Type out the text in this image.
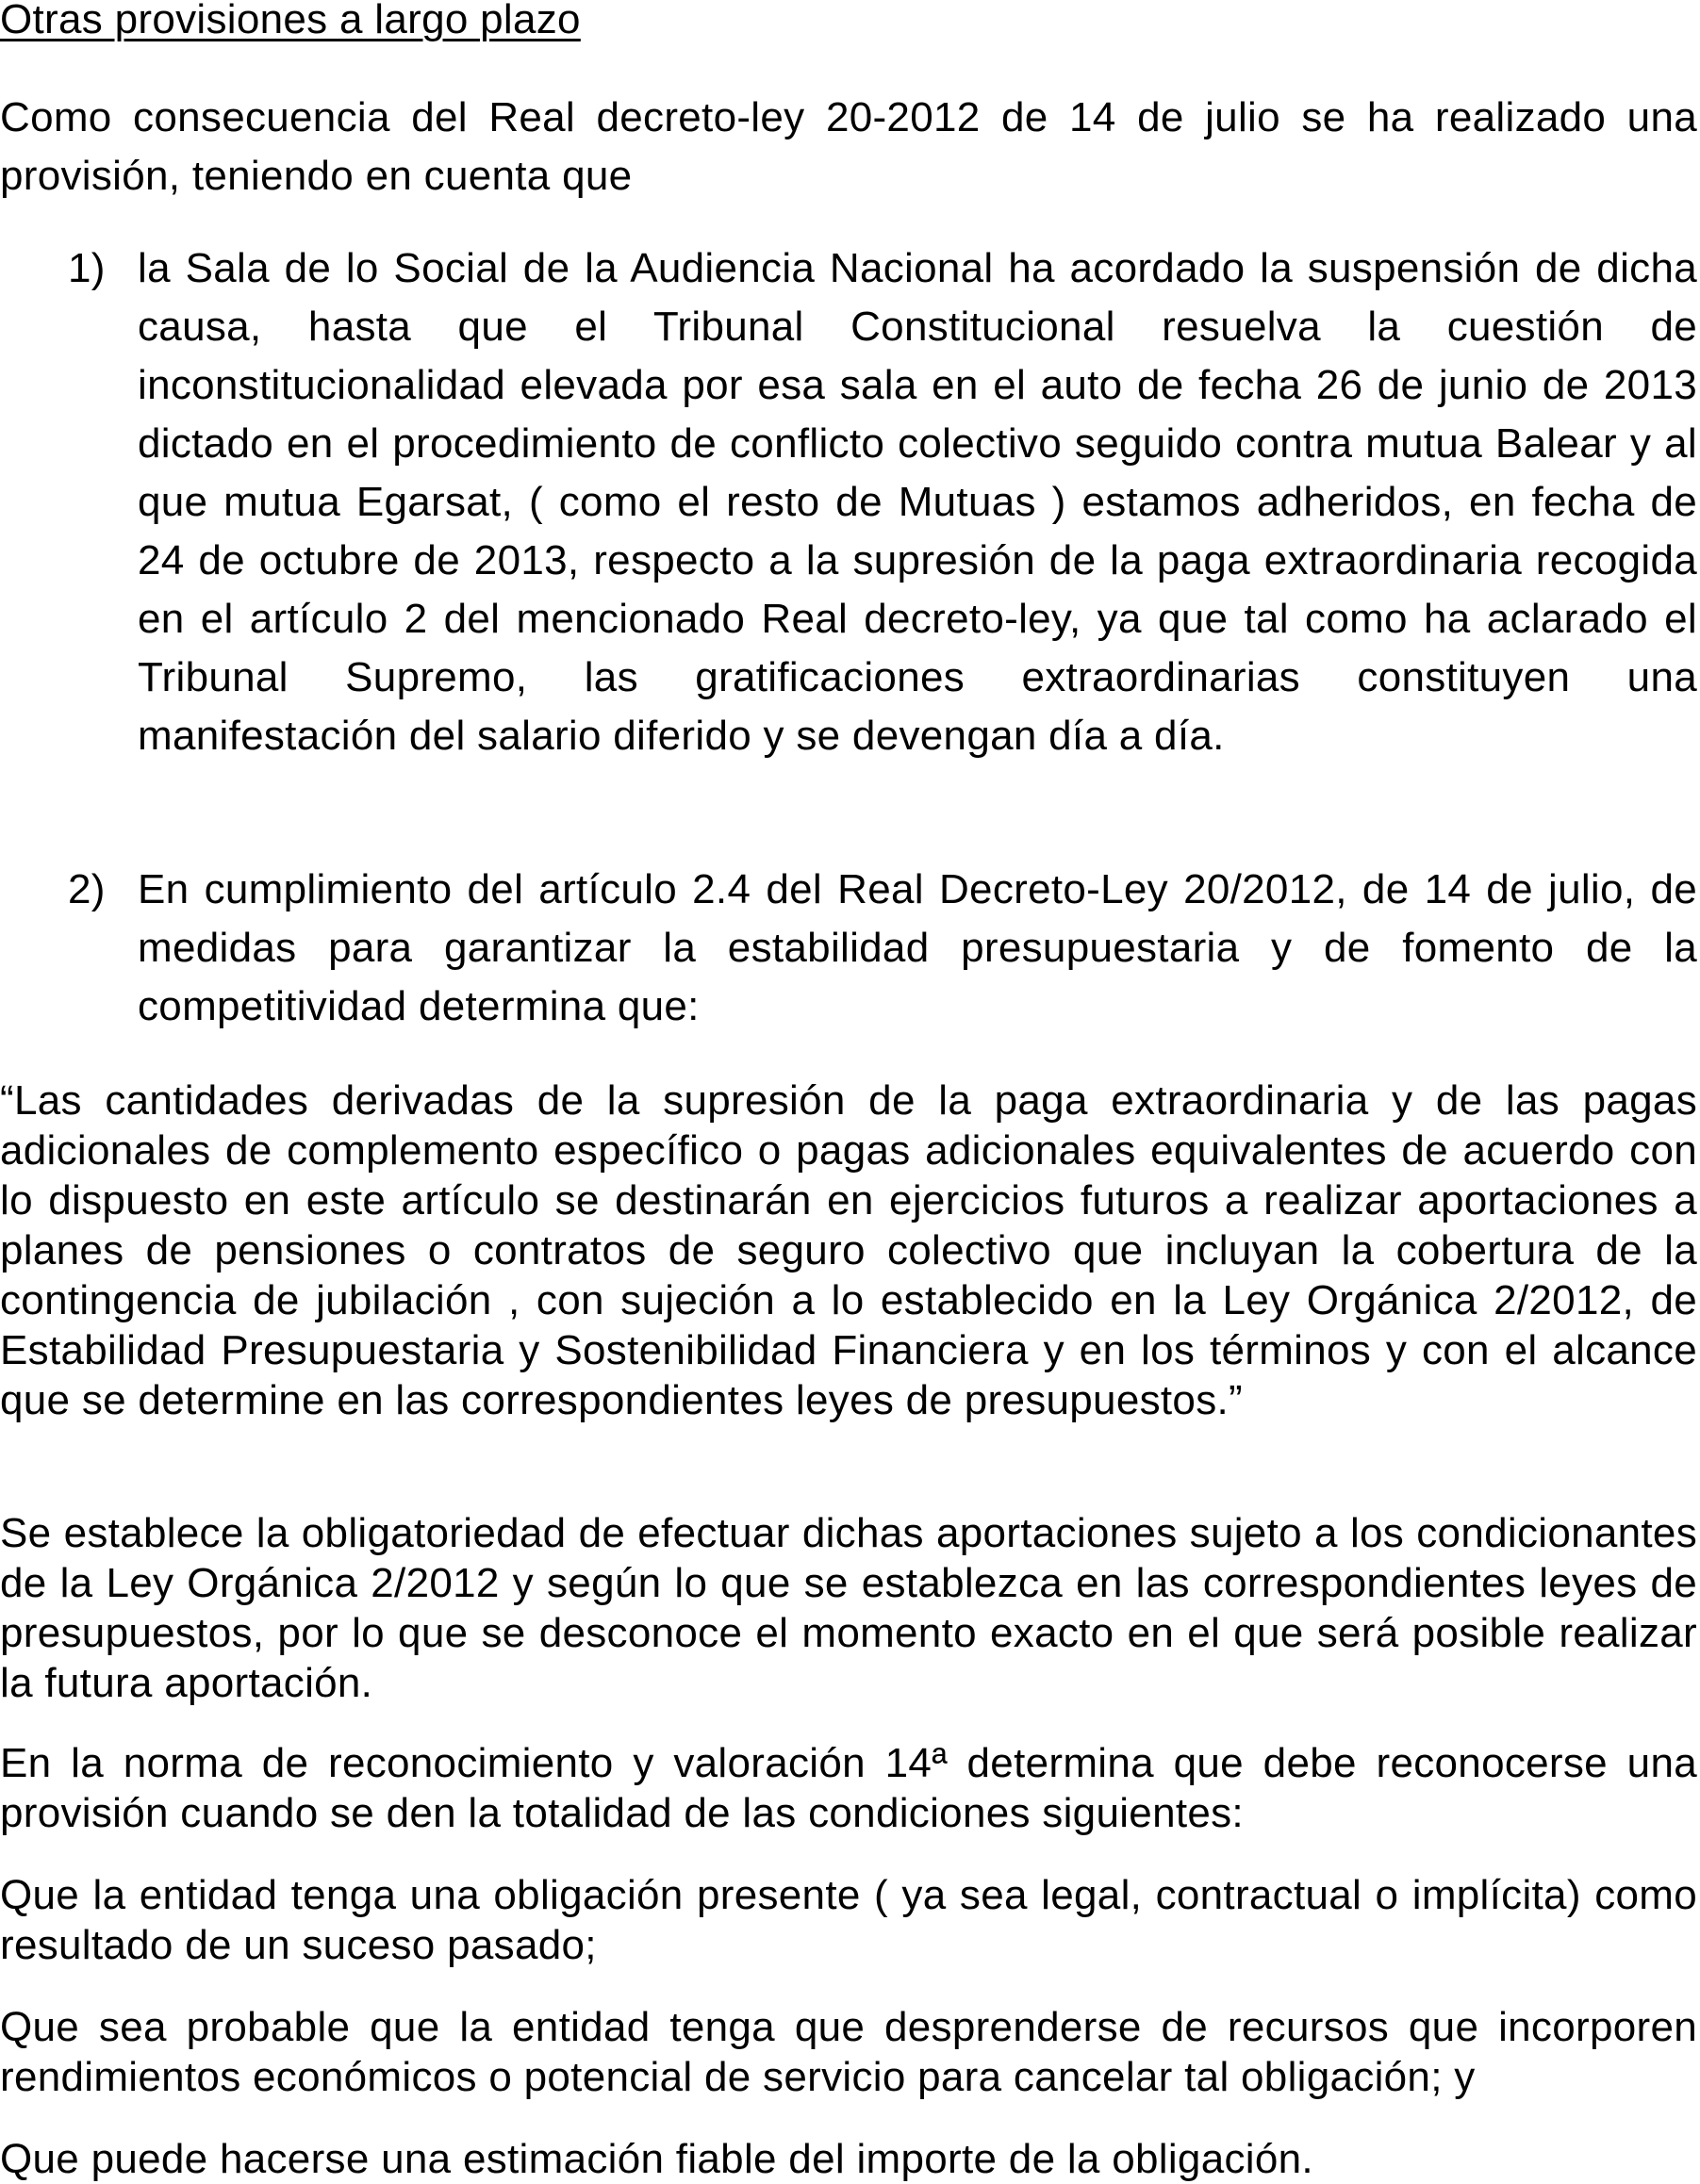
Otras provisiones a largo plazo

Como consecuencia del Real decreto-ley 20-2012 de 14 de julio se ha realizado una provisión, teniendo en cuenta que

1) la Sala de lo Social de la Audiencia Nacional ha acordado la suspensión de dicha causa, hasta que el Tribunal Constitucional resuelva la cuestión de inconstitucionalidad elevada por esa sala en el auto de fecha 26 de junio de 2013 dictado en el procedimiento de conflicto colectivo seguido contra mutua Balear y al que mutua Egarsat, ( como el resto de Mutuas ) estamos adheridos, en fecha de 24 de octubre de 2013, respecto a la supresión de la paga extraordinaria recogida en el artículo 2 del mencionado Real decreto-ley, ya que tal como ha aclarado el Tribunal Supremo, las gratificaciones extraordinarias constituyen una manifestación del salario diferido y se devengan día a día.

2) En cumplimiento del artículo 2.4 del Real Decreto-Ley 20/2012, de 14 de julio, de medidas para garantizar la estabilidad presupuestaria y de fomento de la competitividad determina que:

“Las cantidades derivadas de la supresión de la paga extraordinaria y de las pagas adicionales de complemento específico o pagas adicionales equivalentes de acuerdo con lo dispuesto en este artículo se destinarán en ejercicios futuros a realizar aportaciones a planes de pensiones o contratos de seguro colectivo que incluyan la cobertura de la contingencia de jubilación , con sujeción a lo establecido en la Ley Orgánica 2/2012, de Estabilidad Presupuestaria y Sostenibilidad Financiera y en los términos y con el alcance que se determine en las correspondientes leyes de presupuestos.”

Se establece la obligatoriedad de efectuar dichas aportaciones sujeto a los condicionantes de la Ley Orgánica 2/2012 y según lo que se establezca en las correspondientes leyes de presupuestos, por lo que se desconoce el momento exacto en el que será posible realizar la futura aportación.

En la norma de reconocimiento y valoración 14ª determina que debe reconocerse una provisión cuando se den la totalidad de las condiciones siguientes:

Que la entidad tenga una obligación presente ( ya sea legal, contractual o implícita) como resultado de un suceso pasado;

Que sea probable que la entidad tenga que desprenderse de recursos que incorporen rendimientos económicos o potencial de servicio para cancelar tal obligación; y

Que puede hacerse una estimación fiable del importe de la obligación.
